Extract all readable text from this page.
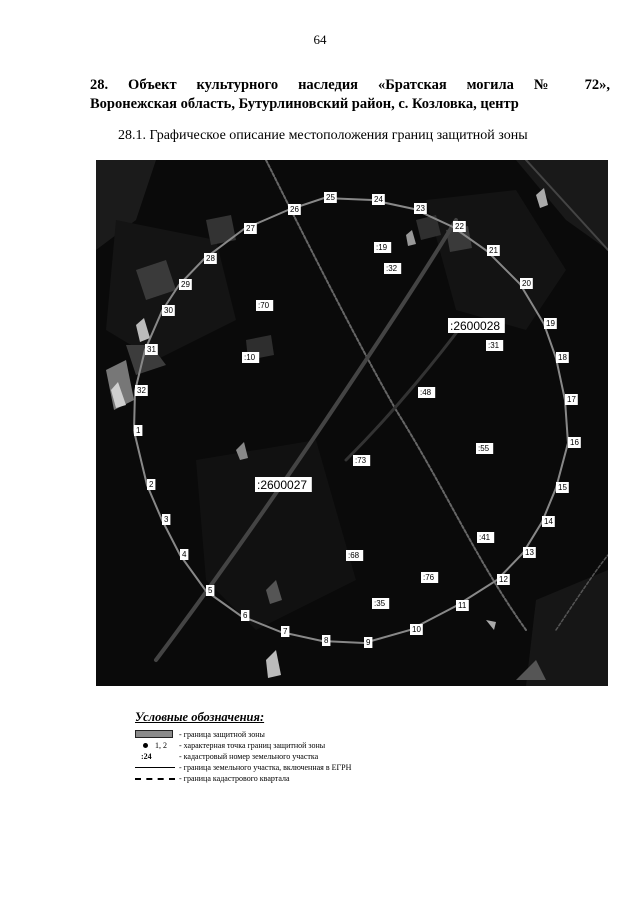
64
28. Объект культурного наследия «Братская могила № 72»,
Воронежская область, Бутурлиновский район, с. Козловка, центр
28.1. Графическое описание местоположения границ защитной зоны
1
2
3
4
5
6
7
8	9
10
11
12
13
14
15
16
17
18
19
20
21
22
23
24
25
26
27
28
29
30
31
32
:19
:32
:70
:10
:31
:48
:55
:73
:41
:68
:76
:35
:2600028
:2600027
Условные обозначения:
- граница защитной зоны
1, 2 - характерная точка границ защитной зоны
:24	- кадастровый номер земельного участка
- граница земельного участка, включенная в ЕГРН
- граница кадастрового квартала
